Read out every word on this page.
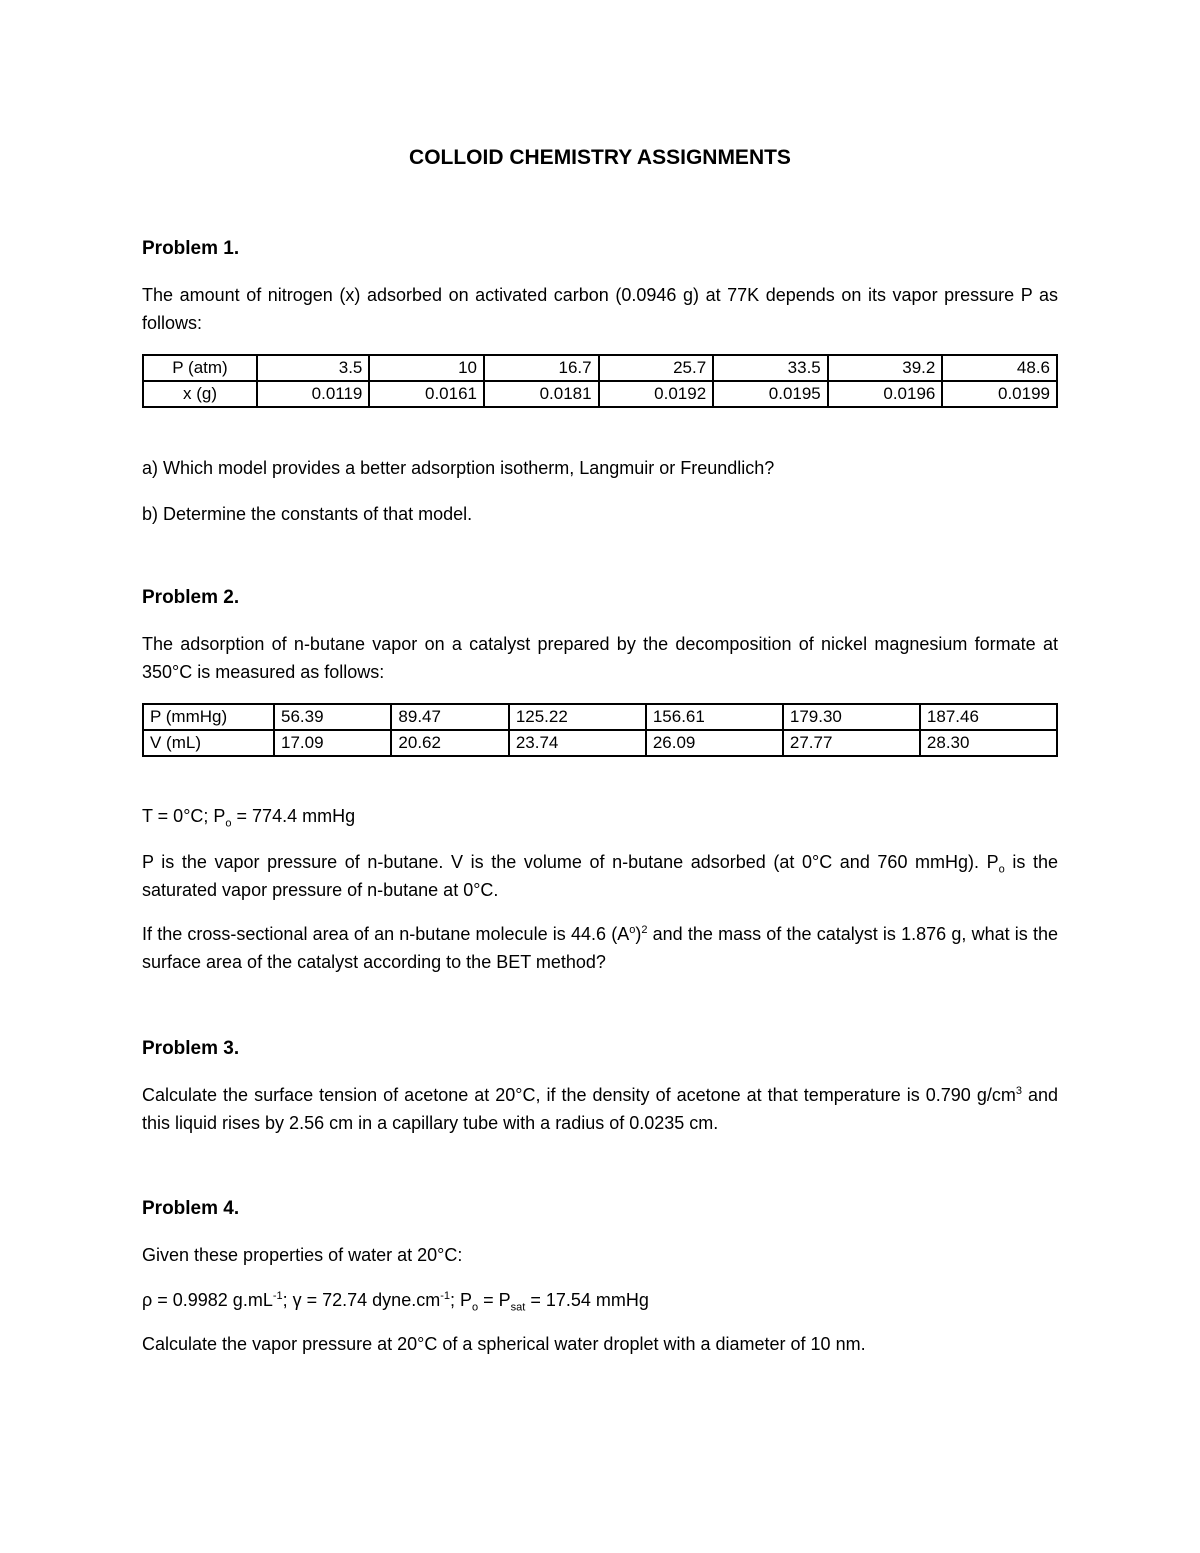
COLLOID CHEMISTRY ASSIGNMENTS
Problem 1.
The amount of nitrogen (x) adsorbed on activated carbon (0.0946 g) at 77K depends on its vapor pressure P as follows:
P (atm)	3.5	10	16.7	25.7	33.5	39.2	48.6
x (g)	0.0119	0.0161	0.0181	0.0192	0.0195	0.0196	0.0199
a) Which model provides a better adsorption isotherm, Langmuir or Freundlich?
b) Determine the constants of that model.
Problem 2.
The adsorption of n-butane vapor on a catalyst prepared by the decomposition of nickel magnesium formate at 350°C is measured as follows:
P (mmHg)	56.39	89.47	125.22	156.61	179.30	187.46
V (mL)	17.09	20.62	23.74	26.09	27.77	28.30
T = 0°C; $P_o = 774.4$ mmHg
P is the vapor pressure of n-butane. V is the volume of n-butane adsorbed (at 0°C and 760 mmHg). $P_o$ is the saturated vapor pressure of n-butane at 0°C.
If the cross-sectional area of an n-butane molecule is 44.6 $(A^o)^2$ and the mass of the catalyst is 1.876 g, what is the surface area of the catalyst according to the BET method?
Problem 3.
Calculate the surface tension of acetone at 20°C, if the density of acetone at that temperature is 0.790 $g/cm^3$ and this liquid rises by 2.56 cm in a capillary tube with a radius of 0.0235 cm.
Problem 4.
Given these properties of water at 20°C:
ρ = 0.9982 $g.mL^{-1}$; γ = 72.74 $dyne.cm^{-1}$; $P_o = P_{sat} = 17.54$ mmHg
Calculate the vapor pressure at 20°C of a spherical water droplet with a diameter of 10 nm.
